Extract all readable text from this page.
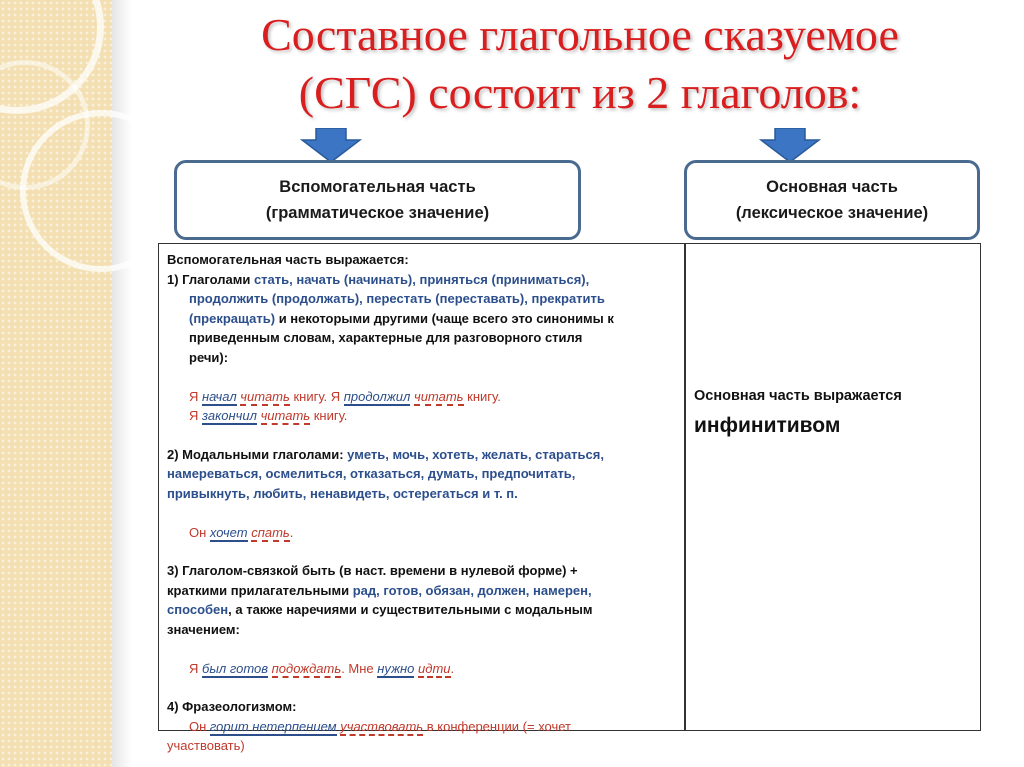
Составное глагольное сказуемое
(СГС) состоит из 2 глаголов:
Вспомогательная часть
(грамматическое значение)
Основная часть
(лексическое значение)

Вспомогательная часть выражается:

1) Глаголами стать, начать (начинать), приняться (приниматься),

продолжить (продолжать), перестать (переставать), прекратить

(прекращать) и некоторыми другими (чаще всего это синонимы к

приведенным словам, характерные для разговорного стиля

речи):

Я начал читать книгу. Я продолжил читать книгу.

Я закончил читать книгу.

2) Модальными глаголами: уметь, мочь, хотеть, желать, стараться,

намереваться, осмелиться, отказаться, думать, предпочитать,

привыкнуть, любить, ненавидеть, остерегаться и т. п.

Он хочет спать.

3) Глаголом-связкой быть (в наст. времени в нулевой форме) +

краткими прилагательными рад, готов, обязан, должен, намерен,

способен, а также наречиями и существительными с модальным

значением:

Я был готов подождать. Мне нужно идти.

4) Фразеологизмом:

Он горит нетерпением участвовать в конференции (= хочет

участвовать)

Основная часть выражается
инфинитивом
